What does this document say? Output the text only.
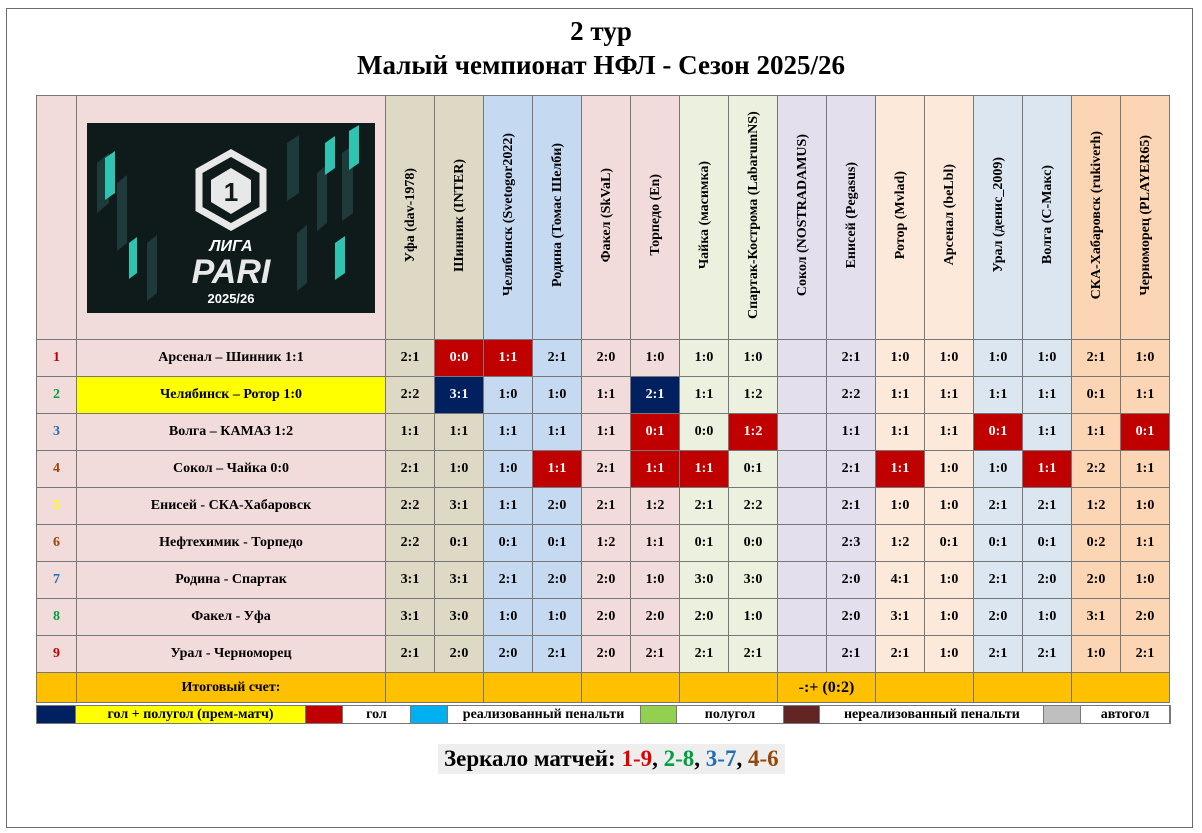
2 тур
Малый чемпионат НФЛ - Сезон 2025/26

1
ЛИГА
PARI
2025/26	Уфа (dav-1978)	Шинник (INTER)	Челябинск (Svetogor2022)	Родина (Томас Шелби)	Факел (SkVaL)	Торпедо (En)	Чайка (масимка)	Спартак-Кострома (LabarumNS)	Сокол (NOSTRADAMUS)	Енисей (Pegasus)	Ротор (Mvlad)	Арсенал (beLbl)	Урал (денис_2009)	Волга (С-Макс)	СКА-Хабаровск (rukiverh)	Черноморец (PLAYER65)
1	Арсенал – Шинник 1:1	2:1	0:0	1:1	2:1	2:0	1:0	1:0	1:0		2:1	1:0	1:0	1:0	1:0	2:1	1:0
2	Челябинск – Ротор 1:0	2:2	3:1	1:0	1:0	1:1	2:1	1:1	1:2		2:2	1:1	1:1	1:1	1:1	0:1	1:1
3	Волга – КАМАЗ 1:2	1:1	1:1	1:1	1:1	1:1	0:1	0:0	1:2		1:1	1:1	1:1	0:1	1:1	1:1	0:1
4	Сокол – Чайка 0:0	2:1	1:0	1:0	1:1	2:1	1:1	1:1	0:1		2:1	1:1	1:0	1:0	1:1	2:2	1:1
5	Енисей - СКА-Хабаровск	2:2	3:1	1:1	2:0	2:1	1:2	2:1	2:2		2:1	1:0	1:0	2:1	2:1	1:2	1:0
6	Нефтехимик - Торпедо	2:2	0:1	0:1	0:1	1:2	1:1	0:1	0:0		2:3	1:2	0:1	0:1	0:1	0:2	1:1
7	Родина - Спартак	3:1	3:1	2:1	2:0	2:0	1:0	3:0	3:0		2:0	4:1	1:0	2:1	2:0	2:0	1:0
8	Факел - Уфа	3:1	3:0	1:0	1:0	2:0	2:0	2:0	1:0		2:0	3:1	1:0	2:0	1:0	3:1	2:0
9	Урал - Черноморец	2:1	2:0	2:0	2:1	2:0	2:1	2:1	2:1		2:1	2:1	1:0	2:1	2:1	1:0	2:1
	Итоговый счет:									-:+ (0:2)							
гол + полугол (прем-матч)	гол	реализованный пенальти	полугол	нереализованный пенальти	автогол
Зеркало матчей: 1-9, 2-8, 3-7, 4-6
